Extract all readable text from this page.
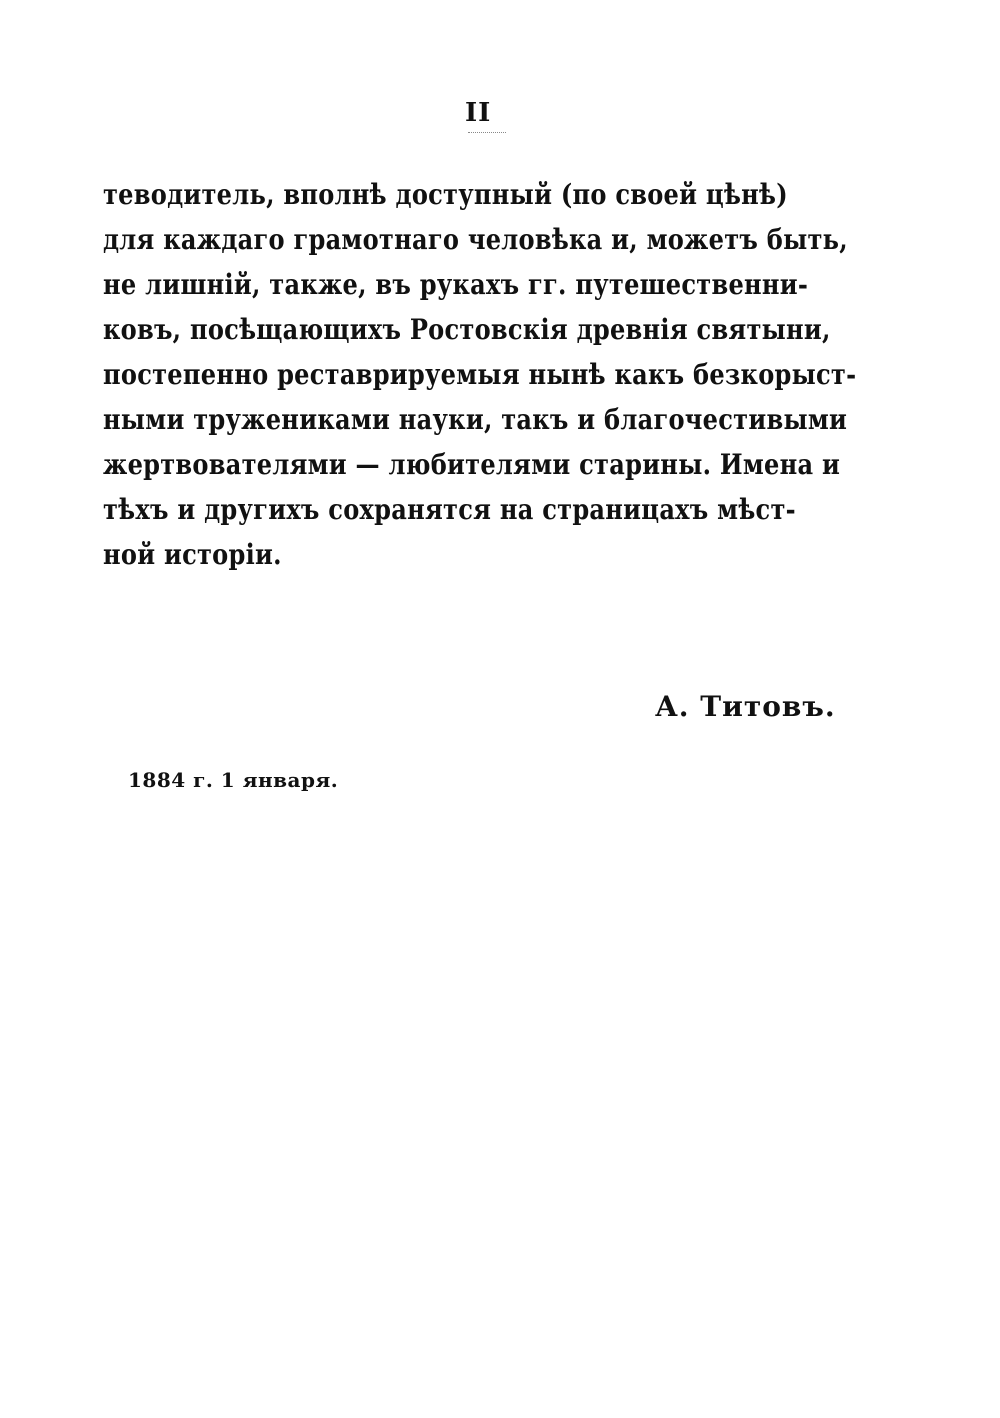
II
теводитель, вполнѣ доступный (по своей цѣнѣ)
для каждаго грамотнаго человѣка и, можетъ быть,
не лишній, также, въ рукахъ гг. путешественни-
ковъ, посѣщающихъ Ростовскія древнія святыни,
постепенно реставрируемыя нынѣ какъ безкорыст-
ными тружениками науки, такъ и благочестивыми
жертвователями — любителями старины. Имена и
тѣхъ и другихъ сохранятся на страницахъ мѣст-
ной исторіи.
А. Титовъ.
1884 г. 1 января.
